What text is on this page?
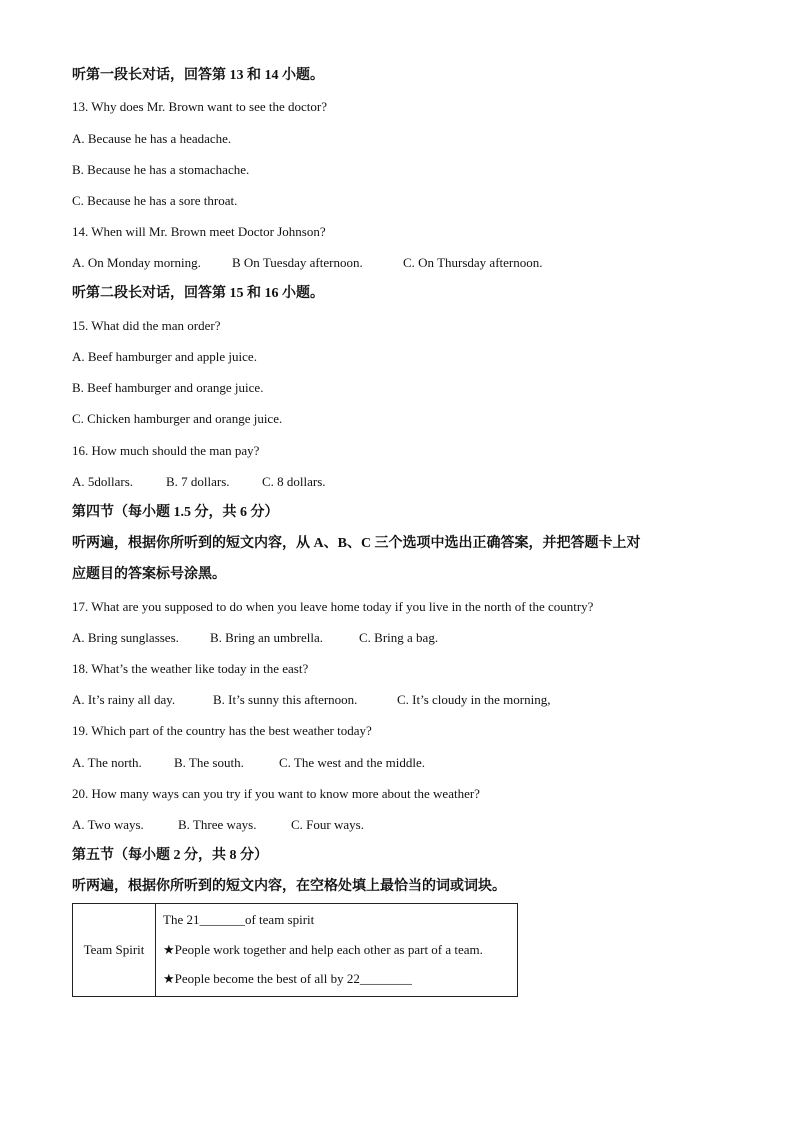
听第一段长对话，回答第 13 和 14 小题。
13. Why does Mr. Brown want to see the doctor?
A. Because he has a headache.
B. Because he has a stomachache.
C. Because he has a sore throat.
14. When will Mr. Brown meet Doctor Johnson?
A. On Monday morning. B On Tuesday afternoon.	C. On Thursday afternoon.
听第二段长对话，回答第 15 和 16 小题。
15. What did the man order?
A. Beef hamburger and apple juice.
B. Beef hamburger and orange juice.
C. Chicken hamburger and orange juice.
16. How much should the man pay?
A. 5dollars.	B. 7 dollars. C. 8 dollars.
第四节（每小题 1.5 分，共 6 分）
听两遍，根据你所听到的短文内容，从 A、B、C 三个选项中选出正确答案，并把答题卡上对
应题目的答案标号涂黑。
17. What are you supposed to do when you leave home today if you live in the north of the country?
A. Bring sunglasses. B. Bring an umbrella.	C. Bring a bag.
18. What’s the weather like today in the east?
A. It’s rainy all day.	B. It’s sunny this afternoon.	C. It’s cloudy in the morning,
19. Which part of the country has the best weather today?
A. The north. B. The south.	C. The west and the middle.
20. How many ways can you try if you want to know more about the weather?
A. Two ways.	B. Three ways.	C. Four ways.
第五节（每小题 2 分，共 8 分）
听两遍，根据你所听到的短文内容，在空格处填上最恰当的词或词块。
Team Spirit	
The 21_______of team spirit
★People work together and help each other as part of a team.
★People become the best of all by 22________
